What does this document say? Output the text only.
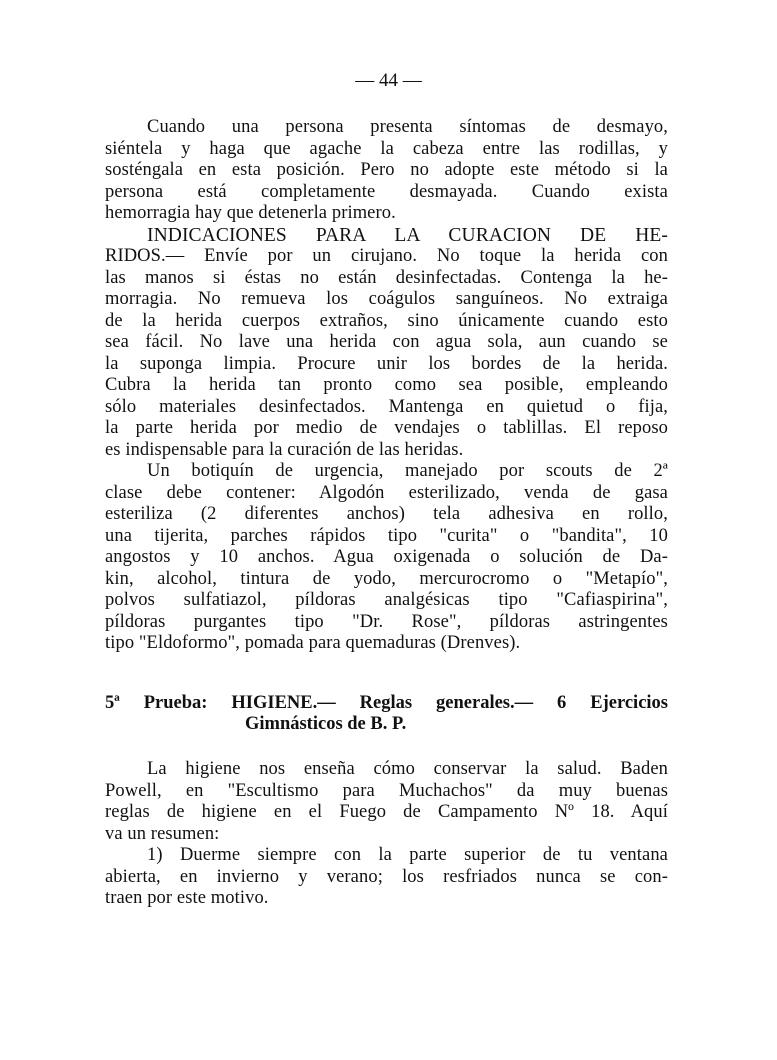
— 44 —
Cuando una persona presenta síntomas de desmayo,
siéntela y haga que agache la cabeza entre las rodillas, y
sosténgala en esta posición. Pero no adopte este método si la
persona está completamente desmayada. Cuando exista
hemorragia hay que detenerla primero.
INDICACIONES PARA LA CURACION DE HE-
RIDOS.— Envíe por un cirujano. No toque la herida con
las manos si éstas no están desinfectadas. Contenga la he-
morragia. No remueva los coágulos sanguíneos. No extraiga
de la herida cuerpos extraños, sino únicamente cuando esto
sea fácil. No lave una herida con agua sola, aun cuando se
la suponga limpia. Procure unir los bordes de la herida.
Cubra la herida tan pronto como sea posible, empleando
sólo materiales desinfectados. Mantenga en quietud o fija,
la parte herida por medio de vendajes o tablillas. El reposo
es indispensable para la curación de las heridas.
Un botiquín de urgencia, manejado por scouts de 2ª
clase debe contener: Algodón esterilizado, venda de gasa
esteriliza (2 diferentes anchos) tela adhesiva en rollo,
una tijerita, parches rápidos tipo "curita" o "bandita", 10
angostos y 10 anchos. Agua oxigenada o solución de Da-
kin, alcohol, tintura de yodo, mercurocromo o "Metapío",
polvos sulfatiazol, píldoras analgésicas tipo "Cafiaspirina",
píldoras purgantes tipo "Dr. Rose", píldoras astringentes
tipo "Eldoformo", pomada para quemaduras (Drenves).
5ª Prueba: HIGIENE.— Reglas generales.— 6 Ejercicios
Gimnásticos de B. P.
La higiene nos enseña cómo conservar la salud. Baden
Powell, en "Escultismo para Muchachos" da muy buenas
reglas de higiene en el Fuego de Campamento Nº 18. Aquí
va un resumen:
1) Duerme siempre con la parte superior de tu ventana
abierta, en invierno y verano; los resfriados nunca se con-
traen por este motivo.
